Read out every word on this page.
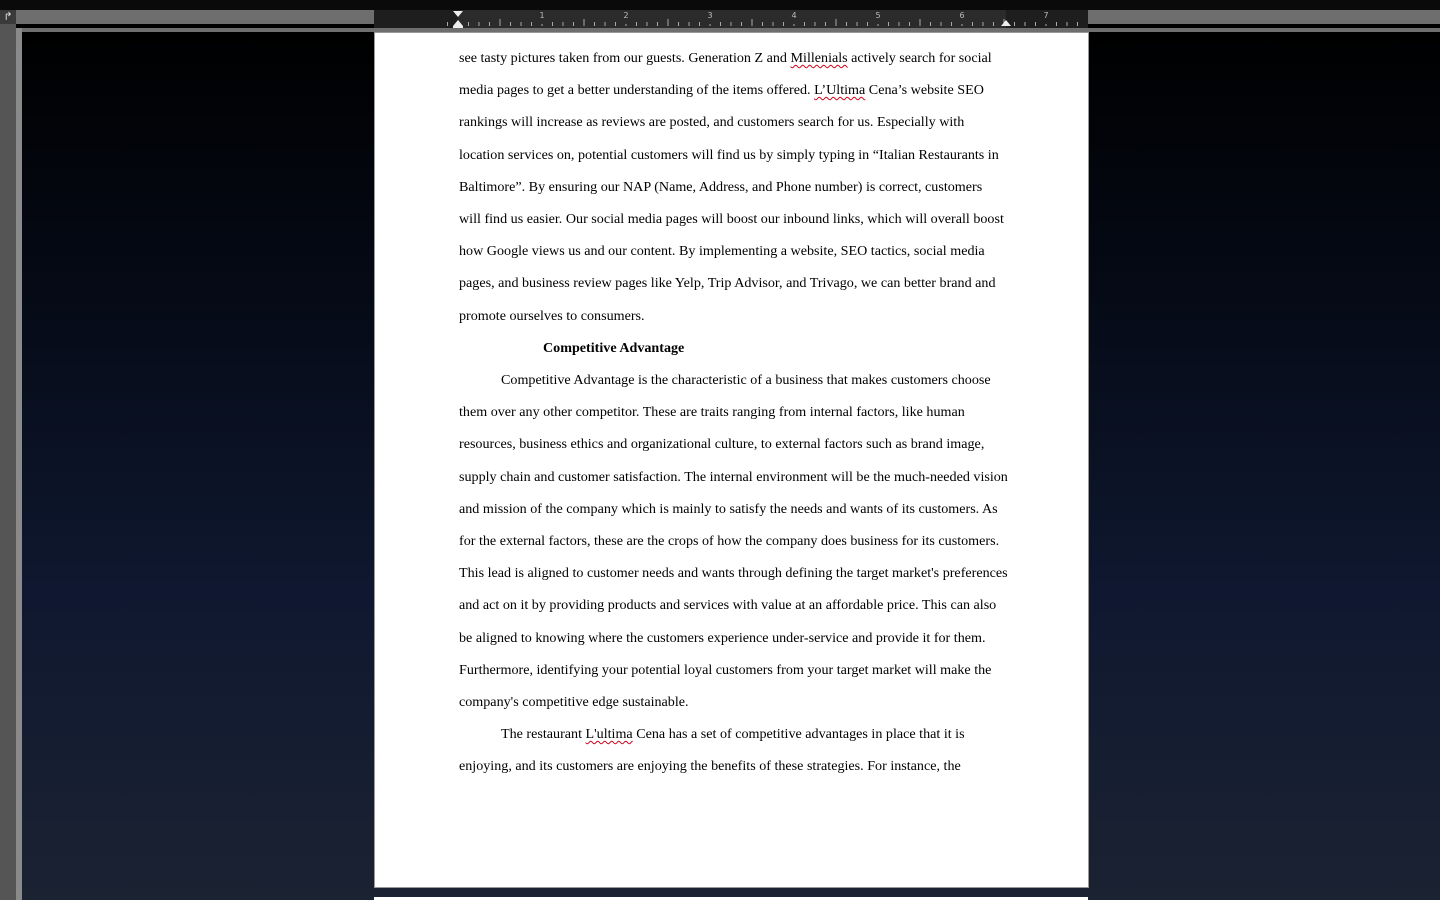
↱	1	2	3	4	5	6	7
see tasty pictures taken from our guests. Generation Z and Millenials actively search for social
media pages to get a better understanding of the items offered. L’Ultima Cena’s website SEO
rankings will increase as reviews are posted, and customers search for us. Especially with
location services on, potential customers will find us by simply typing in “Italian Restaurants in
Baltimore”. By ensuring our NAP (Name, Address, and Phone number) is correct, customers
will find us easier. Our social media pages will boost our inbound links, which will overall boost
how Google views us and our content. By implementing a website, SEO tactics, social media
pages, and business review pages like Yelp, Trip Advisor, and Trivago, we can better brand and
promote ourselves to consumers.
Competitive Advantage
Competitive Advantage is the characteristic of a business that makes customers choose
them over any other competitor. These are traits ranging from internal factors, like human
resources, business ethics and organizational culture, to external factors such as brand image,
supply chain and customer satisfaction. The internal environment will be the much-needed vision
and mission of the company which is mainly to satisfy the needs and wants of its customers. As
for the external factors, these are the crops of how the company does business for its customers.
This lead is aligned to customer needs and wants through defining the target market's preferences
and act on it by providing products and services with value at an affordable price. This can also
be aligned to knowing where the customers experience under-service and provide it for them.
Furthermore, identifying your potential loyal customers from your target market will make the
company's competitive edge sustainable.
The restaurant L'ultima Cena has a set of competitive advantages in place that it is
enjoying, and its customers are enjoying the benefits of these strategies. For instance, the
